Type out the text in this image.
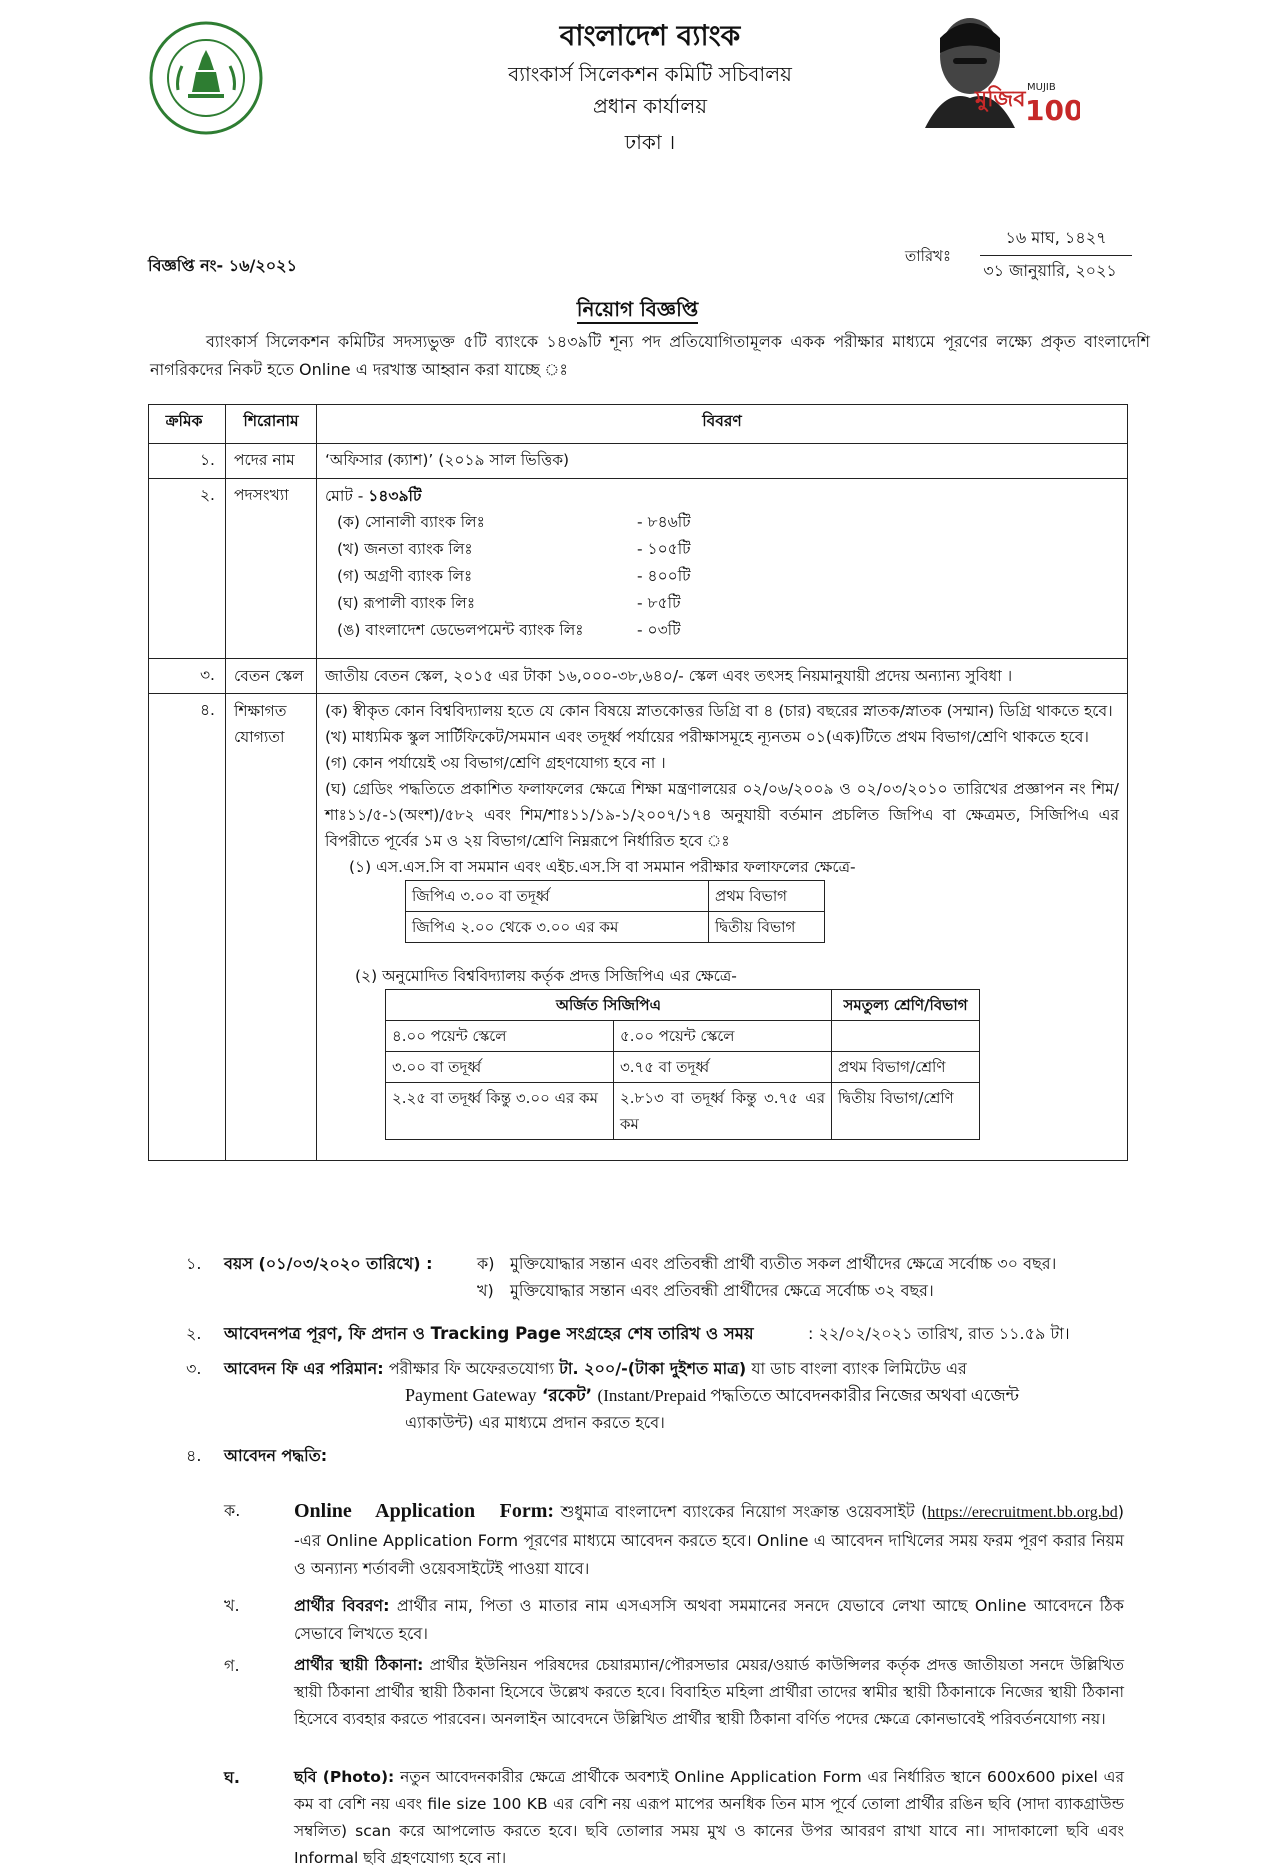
বাংলাদেশ ব্যাংক
ব্যাংকার্স সিলেকশন কমিটি সচিবালয়
প্রধান কার্যালয়
ঢাকা ।
মুজিব MUJIB
100
বিজ্ঞপ্তি নং- ১৬/২০২১	তারিখঃ
১৬ মাঘ, ১৪২৭
৩১ জানুয়ারি, ২০২১
নিয়োগ বিজ্ঞপ্তি
ব্যাংকার্স সিলেকশন কমিটির সদস্যভুক্ত ৫টি ব্যাংকে ১৪৩৯টি শূন্য পদ প্রতিযোগিতামূলক একক পরীক্ষার মাধ্যমে পূরণের লক্ষ্যে প্রকৃত বাংলাদেশি নাগরিকদের নিকট হতে Online এ দরখাস্ত আহ্বান করা যাচ্ছে ঃ
ক্রমিক	শিরোনাম	বিবরণ
১.	পদের নাম	‘অফিসার (ক্যাশ)’ (২০১৯ সাল ভিত্তিক)
২.	পদসংখ্যা	মোট - ১৪৩৯টি
(ক) সোনালী ব্যাংক লিঃ	- ৮৪৬টি
(খ) জনতা ব্যাংক লিঃ	- ১০৫টি
(গ) অগ্রণী ব্যাংক লিঃ	- ৪০০টি
(ঘ) রূপালী ব্যাংক লিঃ	- ৮৫টি
(ঙ) বাংলাদেশ ডেভেলপমেন্ট ব্যাংক লিঃ	- ০৩টি

৩.	বেতন স্কেল	জাতীয় বেতন স্কেল, ২০১৫ এর টাকা ১৬,০০০-৩৮,৬৪০/- স্কেল এবং তৎসহ নিয়মানুযায়ী প্রদেয় অন্যান্য সুবিধা ।
৪.	শিক্ষাগত যোগ্যতা	
(ক) স্বীকৃত কোন বিশ্ববিদ্যালয় হতে যে কোন বিষয়ে স্নাতকোত্তর ডিগ্রি বা ৪ (চার) বছরের স্নাতক/স্নাতক (সম্মান) ডিগ্রি থাকতে হবে।
(খ) মাধ্যমিক স্কুল সার্টিফিকেট/সমমান এবং তদূর্ধ্ব পর্যায়ের পরীক্ষাসমূহে ন্যূনতম ০১(এক)টিতে প্রথম বিভাগ/শ্রেণি থাকতে হবে।
(গ) কোন পর্যায়েই ৩য় বিভাগ/শ্রেণি গ্রহণযোগ্য হবে না ।
(ঘ) গ্রেডিং পদ্ধতিতে প্রকাশিত ফলাফলের ক্ষেত্রে শিক্ষা মন্ত্রণালয়ের ০২/০৬/২০০৯ ও ০২/০৩/২০১০ তারিখের প্রজ্ঞাপন নং শিম/শাঃ১১/৫-১(অংশ)/৫৮২ এবং শিম/শাঃ১১/১৯-১/২০০৭/১৭৪ অনুযায়ী বর্তমান প্রচলিত জিপিএ বা ক্ষেত্রমত, সিজিপিএ এর বিপরীতে পূর্বের ১ম ও ২য় বিভাগ/শ্রেণি নিম্নরূপে নির্ধারিত হবে ঃ
(১) এস.এস.সি বা সমমান এবং এইচ.এস.সি বা সমমান পরীক্ষার ফলাফলের ক্ষেত্রে-
জিপিএ ৩.০০ বা তদূর্ধ্ব	প্রথম বিভাগ
জিপিএ ২.০০ থেকে ৩.০০ এর কম	দ্বিতীয় বিভাগ
(২) অনুমোদিত বিশ্ববিদ্যালয় কর্তৃক প্রদত্ত সিজিপিএ এর ক্ষেত্রে-
অর্জিত সিজিপিএ	সমতুল্য শ্রেণি/বিভাগ
৪.০০ পয়েন্ট স্কেলে	৫.০০ পয়েন্ট স্কেলে	
৩.০০ বা তদূর্ধ্ব	৩.৭৫ বা তদূর্ধ্ব	প্রথম বিভাগ/শ্রেণি
২.২৫ বা তদূর্ধ্ব কিন্তু ৩.০০ এর কম	২.৮১৩ বা তদূর্ধ্ব কিন্তু ৩.৭৫ এর কম	দ্বিতীয় বিভাগ/শ্রেণি
১. বয়স (০১/০৩/২০২০ তারিখে) :	ক) মুক্তিযোদ্ধার সন্তান এবং প্রতিবন্ধী প্রার্থী ব্যতীত সকল প্রার্থীদের ক্ষেত্রে সর্বোচ্চ ৩০ বছর।
খ) মুক্তিযোদ্ধার সন্তান এবং প্রতিবন্ধী প্রার্থীদের ক্ষেত্রে সর্বোচ্চ ৩২ বছর।
২. আবেদনপত্র পূরণ, ফি প্রদান ও Tracking Page সংগ্রহের শেষ তারিখ ও সময়	: ২২/০২/২০২১ তারিখ, রাত ১১.৫৯ টা।
৩. আবেদন ফি এর পরিমান: পরীক্ষার ফি অফেরতযোগ্য টা. ২০০/-(টাকা দুইশত মাত্র) যা ডাচ বাংলা ব্যাংক লিমিটেড এর
Payment Gateway ‘রকেট’ (Instant/Prepaid পদ্ধতিতে আবেদনকারীর নিজের অথবা এজেন্ট
এ্যাকাউন্ট) এর মাধ্যমে প্রদান করতে হবে।
৪. আবেদন পদ্ধতি:
ক.	Online Application Form: শুধুমাত্র বাংলাদেশ ব্যাংকের নিয়োগ সংক্রান্ত ওয়েবসাইট (https://erecruitment.bb.org.bd) -এর Online Application Form পূরণের মাধ্যমে আবেদন করতে হবে। Online এ আবেদন দাখিলের সময় ফরম পূরণ করার নিয়ম ও অন্যান্য শর্তাবলী ওয়েবসাইটেই পাওয়া যাবে।
খ.	প্রার্থীর বিবরণ: প্রার্থীর নাম, পিতা ও মাতার নাম এসএসসি অথবা সমমানের সনদে যেভাবে লেখা আছে Online আবেদনে ঠিক সেভাবে লিখতে হবে।
গ.	প্রার্থীর স্থায়ী ঠিকানা: প্রার্থীর ইউনিয়ন পরিষদের চেয়ারম্যান/পৌরসভার মেয়র/ওয়ার্ড কাউন্সিলর কর্তৃক প্রদত্ত জাতীয়তা সনদে উল্লিখিত স্থায়ী ঠিকানা প্রার্থীর স্থায়ী ঠিকানা হিসেবে উল্লেখ করতে হবে। বিবাহিত মহিলা প্রার্থীরা তাদের স্বামীর স্থায়ী ঠিকানাকে নিজের স্থায়ী ঠিকানা হিসেবে ব্যবহার করতে পারবেন। অনলাইন আবেদনে উল্লিখিত প্রার্থীর স্থায়ী ঠিকানা বর্ণিত পদের ক্ষেত্রে কোনভাবেই পরিবর্তনযোগ্য নয়।
ঘ.	ছবি (Photo): নতুন আবেদনকারীর ক্ষেত্রে প্রার্থীকে অবশ্যই Online Application Form এর নির্ধারিত স্থানে 600x600 pixel এর কম বা বেশি নয় এবং file size 100 KB এর বেশি নয় এরূপ মাপের অনধিক তিন মাস পূর্বে তোলা প্রার্থীর রঙিন ছবি (সাদা ব্যাকগ্রাউন্ড সম্বলিত) scan করে আপলোড করতে হবে। ছবি তোলার সময় মুখ ও কানের উপর আবরণ রাখা যাবে না। সাদাকালো ছবি এবং Informal ছবি গ্রহণযোগ্য হবে না।
